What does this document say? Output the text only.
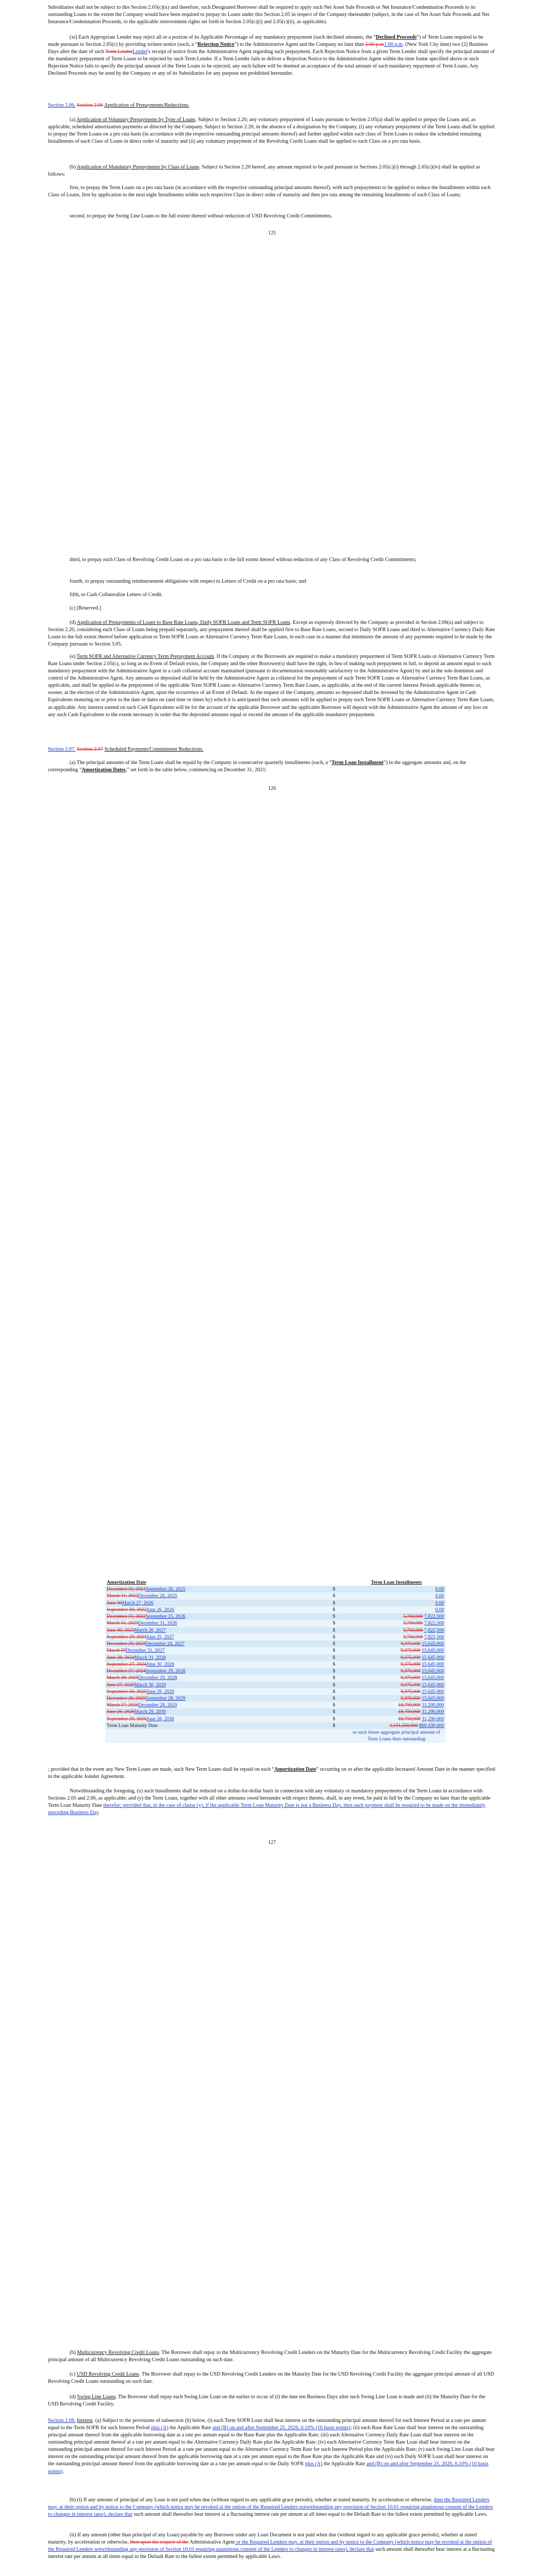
Subsidiaries shall not be subject to this Section 2.05(c)(x) and therefore, such Designated Borrower shall be required to apply such Net Asset Sale Proceeds or Net Insurance/Condemnation Proceeds to its outstanding Loans to the extent the Company would have been required to prepay its Loans under this Section 2.05 in respect of the Company thereunder (subject, in the case of Net Asset Sale Proceeds and Net Insurance/Condemnation Proceeds, to the applicable reinvestment rights set forth in Section 2.05(c)(i) and 2.05(c)(ii), as applicable).

(xi) Each Appropriate Lender may reject all or a portion of its Applicable Percentage of any mandatory prepayment (such declined amounts, the “Declined Proceeds”) of Term Loans required to be made pursuant to Section 2.05(c) by providing written notice (such, a “Rejection Notice”) to the Administrative Agent and the Company no later than 5:00 p.m1:00 p.m. (New York City time) two (2) Business Days after the date of such Term LenderLender's receipt of notice from the Administrative Agent regarding such prepayment. Each Rejection Notice from a given Term Lender shall specify the principal amount of the mandatory prepayment of Term Loans to be rejected by such Term Lender. If a Term Lender fails to deliver a Rejection Notice to the Administrative Agent within the time frame specified above or such Rejection Notice fails to specify the principal amount of the Term Loans to be rejected, any such failure will be deemed an acceptance of the total amount of such mandatory repayment of Term Loans. Any Declined Proceeds may be used by the Company or any of its Subsidiaries for any purpose not prohibited hereunder.

Section 2.06. Section 2.06 Application of Prepayments/Reductions.

(a) Application of Voluntary Prepayments by Type of Loans. Subject to Section 2.20, any voluntary prepayment of Loans pursuant to Section 2.05(a) shall be applied to prepay the Loans and, as applicable, scheduled amortization payments as directed by the Company. Subject to Section 2.20, in the absence of a designation by the Company, (i) any voluntary prepayment of the Term Loans shall be applied to prepay the Term Loans on a pro rata basis (in accordance with the respective outstanding principal amounts thereof) and further applied within each class of Term Loans to reduce the scheduled remaining Installments of each Class of Loans in direct order of maturity and (ii) any voluntary prepayment of the Revolving Credit Loans shall be applied to each Class on a pro rata basis.

(b) Application of Mandatory Prepayments by Class of Loans. Subject to Section 2.20 hereof, any amount required to be paid pursuant to Sections 2.05(c)(i) through 2.05(c)(iv) shall be applied as follows:

first, to prepay the Term Loans on a pro rata basis (in accordance with the respective outstanding principal amounts thereof), with such prepayments to be applied to reduce the Installments within each Class of Loans, first by application to the next eight Installments within such respective Class in direct order of maturity and then pro rata among the remaining Installments of each Class of Loans;

second, to prepay the Swing Line Loans to the full extent thereof without reduction of USD Revolving Credit Commitments,

125

third, to prepay each Class of Revolving Credit Loans on a pro rata basis to the full extent thereof without reduction of any Class of Revolving Credit Commitments;

fourth, to prepay outstanding reimbursement obligations with respect to Letters of Credit on a pro rata basis; and

fifth, to Cash Collateralize Letters of Credit.

(c) [Reserved.]

(d) Application of Prepayments of Loans to Base Rate Loans, Daily SOFR Loans and Term SOFR Loans. Except as expressly directed by the Company as provided in Section 2.06(a) and subject to Section 2.20, considering each Class of Loans being prepaid separately, any prepayment thereof shall be applied first to Base Rate Loans, second to Daily SOFR Loans and third to Alternative Currency Daily Rate Loans to the full extent thereof before application to Term SOFR Loans or Alternative Currency Term Rate Loans, in each case in a manner that minimizes the amount of any payments required to be made by the Company pursuant to Section 3.05.

(e) Term SOFR and Alternative Currency Term Prepayment Account. If the Company or the Borrowers are required to make a mandatory prepayment of Term SOFR Loans or Alternative Currency Term Rate Loans under Section 2.05(c), so long as no Event of Default exists, the Company and the other Borrower(s) shall have the right, in lieu of making such prepayment in full, to deposit an amount equal to such mandatory prepayment with the Administrative Agent in a cash collateral account maintained (pursuant to documentation reasonably satisfactory to the Administrative Agent) by and in the sole dominion and control of the Administrative Agent. Any amounts so deposited shall be held by the Administrative Agent as collateral for the prepayment of such Term SOFR Loans or Alternative Currency Term Rate Loans, as applicable, and shall be applied to the prepayment of the applicable Term SOFR Loans or Alternative Currency Term Rate Loans, as applicable, at the end of the current Interest Periods applicable thereto or, sooner, at the election of the Administrative Agent, upon the occurrence of an Event of Default. At the request of the Company, amounts so deposited shall be invested by the Administrative Agent in Cash Equivalents maturing on or prior to the date or dates on (and time or times by) which it is anticipated that such amounts will be applied to prepay such Term SOFR Loans or Alternative Currency Term Rate Loans, as applicable. Any interest earned on such Cash Equivalents will be for the account of the applicable Borrower and the applicable Borrower will deposit with the Administrative Agent the amount of any loss on any such Cash Equivalents to the extent necessary in order that the deposited amounts equal or exceed the amount of the applicable mandatory prepayment.

Section 2.07. Section 2.07 Scheduled Payments/Commitment Reductions.

(a) The principal amounts of the Term Loans shall be repaid by the Company in consecutive quarterly installments (each, a “Term Loan Installment”) in the aggregate amounts and, on the corresponding “Amortization Dates,” set forth in the table below, commencing on December 31, 2021:

126
Amortization Date		Term Loan Installments
December 31, 2021September 26, 2025	$	0.00
March 31, 2022December 26, 2025	$	0.00
June 30March 27, 2026	$	0.00
September 30, 2022June 26, 2026	$	0.00
December 31, 2022September 25, 2026	$	3,750,000 7,822,500
March 31, 2023December 31, 2026	$	3,750,000 7,822,500
June 30, 2023March 26, 2027	$	3,750,000 7,822,500
September 29, 2023June 25, 2027	$	3,750,000 7,822,500
December 29, 2023December 24, 2027	$	9,375,000 15,645,000
March 29December 31, 2027	$	9,375,000 15,645,000
June 28, 2024March 31, 2028	$	9,375,000 15,645,000
September 27, 2024June 30, 2028	$	9,375,000 15,645,000
December 27, 2024September 29, 2028	$	9,375,000 15,645,000
March 28, 2025December 29, 2028	$	9,375,000 15,645,000
June 27, 2025March 30, 2029	$	9,375,000 15,645,000
September 26, 2025June 29, 2029	$	9,375,000 15,645,000
December 26, 2025September 28, 2029	$	9,375,000 15,645,000
March 27, 2026December 28, 2029	$	18,750,000 31,290,000
June 26, 2026March 29, 2030	$	18,750,000 31,290,000
September 25, 2026June 28, 2030	$	18,750,000 31,290,000
Term Loan Maturity Date	$	1,151,250,000 869,439,000
		or such lesser aggregate principal amount of Term Loans then outstanding

; provided that in the event any New Term Loans are made, such New Term Loans shall be repaid on each “Amortization Date” occurring on or after the applicable Increased Amount Date in the manner specified in the applicable Joinder Agreement.

Notwithstanding the foregoing, (x) such Installments shall be reduced on a dollar-for-dollar basis in connection with any voluntary or mandatory prepayments of the Term Loans in accordance with Sections 2.05 and 2.06, as applicable; and (y) the Term Loans, together with all other amounts owed hereunder with respect thereto, shall, in any event, be paid in full by the Company no later than the applicable Term Loan Maturity Date therefor; provided that, in the case of clause (y), if the applicable Term Loan Maturity Date is not a Business Day, then such payment shall be required to be made on the immediately preceding Business Day.

127

(b) Multicurrency Revolving Credit Loans. The Borrower shall repay to the Multicurrency Revolving Credit Lenders on the Maturity Date for the Multicurrency Revolving Credit Facility the aggregate principal amount of all Multicurrency Revolving Credit Loans outstanding on such date.

(c) USD Revolving Credit Loans. The Borrower shall repay to the USD Revolving Credit Lenders on the Maturity Date for the USD Revolving Credit Facility the aggregate principal amount of all USD Revolving Credit Loans outstanding on such date.

(d) Swing Line Loans. The Borrower shall repay each Swing Line Loan on the earlier to occur of (i) the date ten Business Days after such Swing Line Loan is made and (ii) the Maturity Date for the USD Revolving Credit Facility.

Section 2.08. Interest. (a) Subject to the provisions of subsection (b) below, (i) each Term SOFR Loan shall bear interest on the outstanding principal amount thereof for each Interest Period at a rate per annum equal to the Term SOFR for such Interest Period plus (A) the Applicable Rate and (B) on and after September 25, 2026, 0.10% (10 basis points); (ii) each Base Rate Loan shall bear interest on the outstanding principal amount thereof from the applicable borrowing date at a rate per annum equal to the Base Rate plus the Applicable Rate; (iii) each Alternative Currency Daily Rate Loan shall bear interest on the outstanding principal amount thereof at a rate per annum equal to the Alternative Currency Daily Rate plus the Applicable Rate; (iv) each Alternative Currency Term Rate Loan shall bear interest on the outstanding principal amount thereof for each Interest Period at a rate per annum equal to the Alternative Currency Term Rate for such Interest Period plus the Applicable Rate; (v) each Swing Line Loan shall bear interest on the outstanding principal amount thereof from the applicable borrowing date at a rate per annum equal to the Base Rate plus the Applicable Rate and (vi) each Daily SOFR Loan shall bear interest on the outstanding principal amount thereof from the applicable borrowing date at a rate per annum equal to the Daily SOFR plus (A) the Applicable Rate and (B) on and after September 25, 2026, 0.10% (10 basis points).

(b) (i) If any amount of principal of any Loan is not paid when due (without regard to any applicable grace periods), whether at stated maturity, by acceleration or otherwise, then the Required Lenders may, at their option and by notice to the Company (which notice may be revoked at the option of the Required Lenders notwithstanding any provision of Section 10.01 requiring unanimous consent of the Lenders to changes in interest rates), declare that such amount shall thereafter bear interest at a fluctuating interest rate per annum at all times equal to the Default Rate to the fullest extent permitted by applicable Laws.

(ii) If any amount (other than principal of any Loan) payable by any Borrower under any Loan Document is not paid when due (without regard to any applicable grace periods), whether at stated maturity, by acceleration or otherwise, then upon the request of the Administrative Agent or the Required Lenders may, at their option and by notice to the Company (which notice may be revoked at the option of the Required Lenders notwithstanding any provision of Section 10.01 requiring unanimous consent of the Lenders to changes in interest rates), declare that such amount shall thereafter bear interest at a fluctuating interest rate per annum at all times equal to the Default Rate to the fullest extent permitted by applicable Laws.
